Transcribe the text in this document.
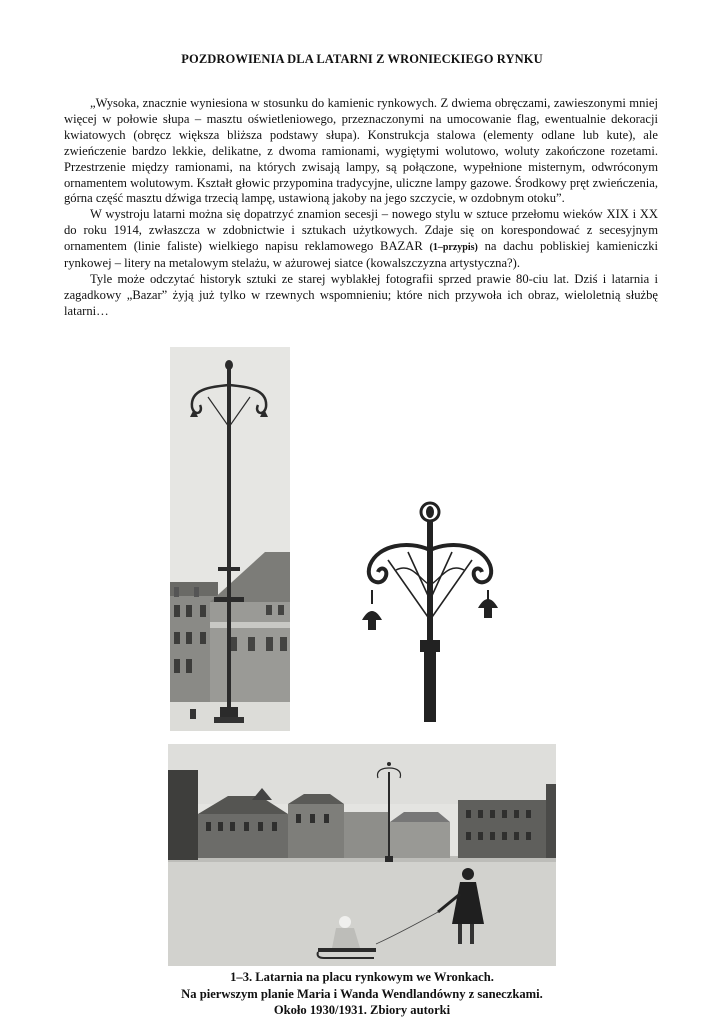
POZDROWIENIA DLA LATARNI Z WRONIECKIEGO RYNKU

„Wysoka, znacznie wyniesiona w stosunku do kamienic rynkowych. Z dwiema obręczami, zawieszonymi mniej więcej w połowie słupa – masztu oświetleniowego, przeznaczonymi na umocowanie flag, ewentualnie dekoracji kwiatowych (obręcz większa bliższa podstawy słupa). Konstrukcja stalowa (elementy odlane lub kute), ale zwieńczenie bardzo lekkie, delikatne, z dwoma ramionami, wygiętymi wolutowo, woluty zakończone rozetami. Przestrzenie między ramionami, na których zwisają lampy, są połączone, wypełnione misternym, odwróconym ornamentem wolutowym. Kształt głowic przypomina tradycyjne, uliczne lampy gazowe. Środkowy pręt zwieńczenia, górna część masztu dźwiga trzecią lampę, ustawioną jakoby na jego szczycie, w ozdobnym otoku”.

W wystroju latarni można się dopatrzyć znamion secesji – nowego stylu w sztuce przełomu wieków XIX i XX do roku 1914, zwłaszcza w zdobnictwie i sztukach użytkowych. Zdaje się on korespondować z secesyjnym ornamentem (linie faliste) wielkiego napisu reklamowego BAZAR (1–przypis) na dachu pobliskiej kamieniczki rynkowej – litery na metalowym stelażu, w ażurowej siatce (kowalszczyzna artystyczna?).

Tyle może odczytać historyk sztuki ze starej wyblakłej fotografii sprzed prawie 80-ciu lat. Dziś i latarnia i zagadkowy „Bazar” żyją już tylko w rzewnych wspomnieniu; które nich przywoła ich obraz, wieloletnią służbę latarni…

1–3. Latarnia na placu rynkowym we Wronkach.
Na pierwszym planie Maria i Wanda Wendlandówny z saneczkami.
Około 1930/1931. Zbiory autorki
